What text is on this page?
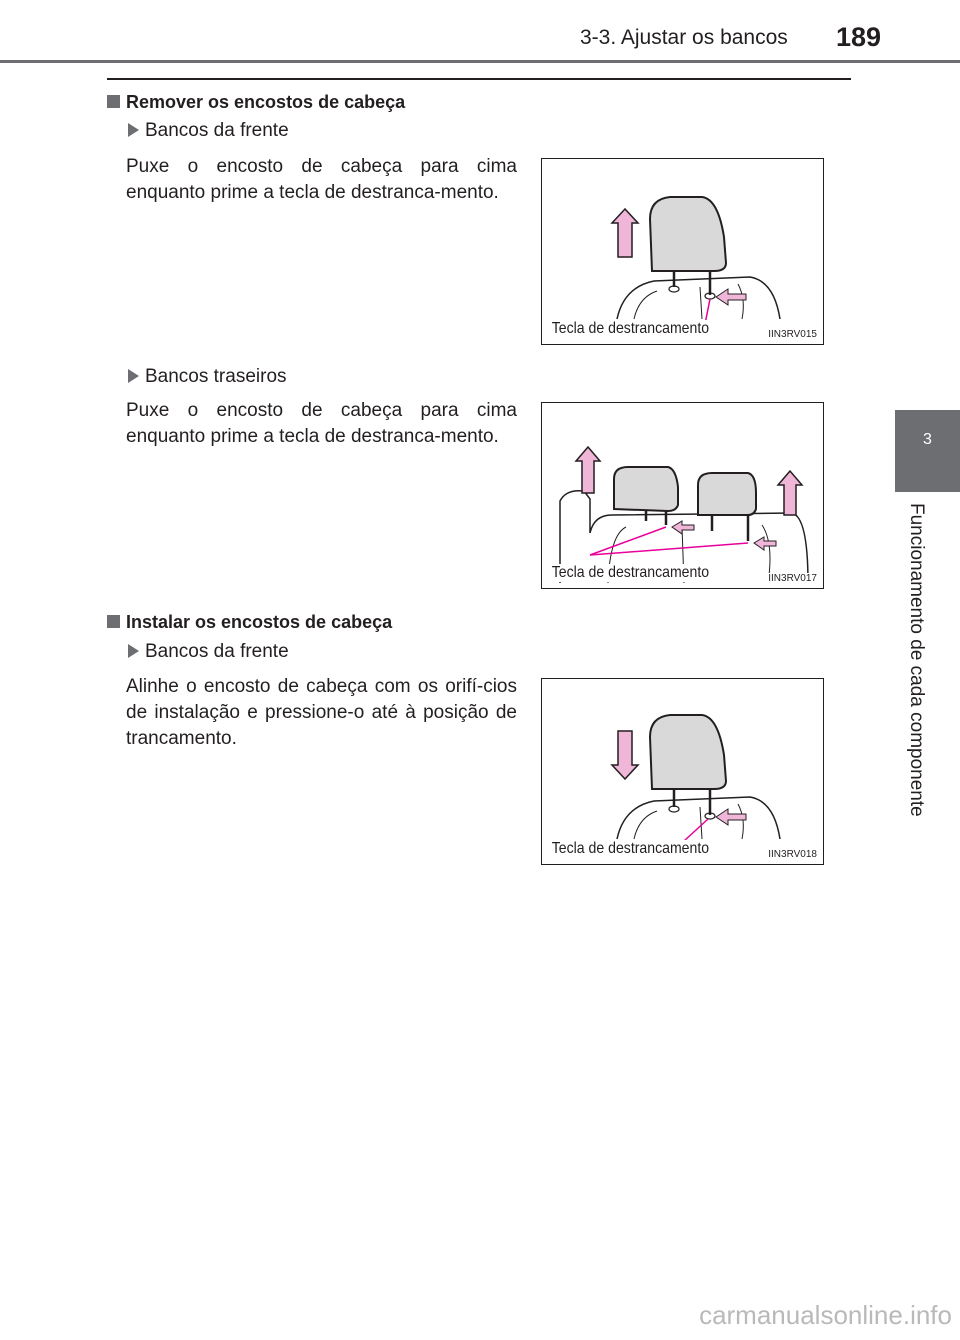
3-3. Ajustar os bancos 189
3
Funcionamento de cada componente
Remover os encostos de cabeça
Bancos da frente
Puxe o encosto de cabeça para cima enquanto prime a tecla de destranca-mento.
Tecla de destrancamento	IIN3RV015
Bancos traseiros
Puxe o encosto de cabeça para cima enquanto prime a tecla de destranca-mento.
Tecla de destrancamento	IIN3RV017
Instalar os encostos de cabeça
Bancos da frente
Alinhe o encosto de cabeça com os orifí-cios de instalação e pressione-o até à posição de trancamento.
Tecla de destrancamento	IIN3RV018
carmanualsonline.info
